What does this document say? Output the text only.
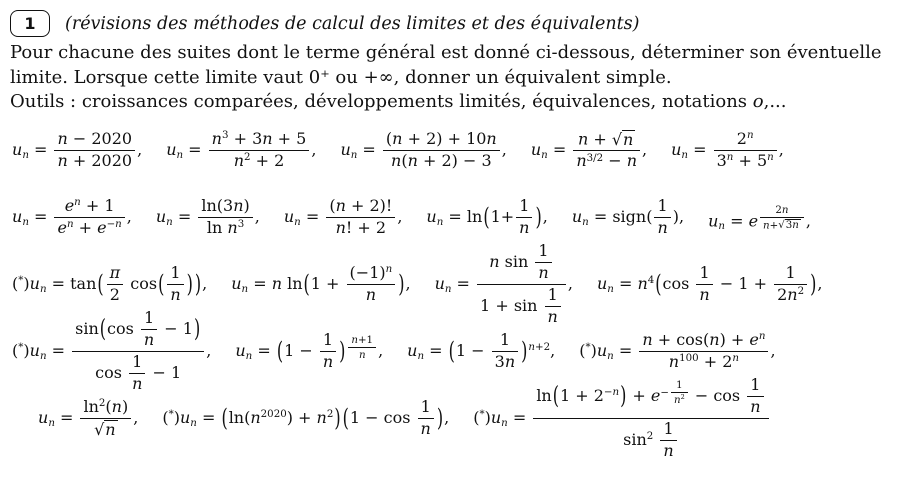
1	(révisions des méthodes de calcul des limites et des équivalents)
Pour chacune des suites dont le terme général est donné ci-dessous, déterminer son éventuelle
limite. Lorsque cette limite vaut 0⁺ ou +∞, donner un équivalent simple.
Outils : croissances comparées, développements limités, équivalences, notations o,...
un = $\frac{n - 2020}{n + 2020}$ , un = $\frac{n3 + 3n + 5}{n2 + 2}$ , un = $\frac{(n + 2) + 10n}{n(n + 2) - 3}$ , un = $\frac{n + √ n}{n3/2 - n}$ , un = $\frac{2n}{3n + 5n}$ ,
un = $\frac{en + 1}{en + e-n}$ , un = $\frac{\ln(3n)}{\text{ln n3}}$ , un = $\frac{(n + 2)!}{n! + 2}$ , un = $\ln(1+ \frac{1}{n}$ ), un = sign( $\frac{1}{n}$ ), un = e $\frac{2n}{n+ √ 3n}$ ,
$(*)un = \tan( \frac{\pi}{2} \cos( \frac{1}{n}$ ) ), un = n $\ln(1 + \frac{(-1)n}{n}$ ), un = $\frac{n \sin \frac{1}{n}}{1 + \sin \frac{1}{n}}$ , un = $n4(\cos \frac{1}{n} - 1 + \frac{1}{2n2}$ ),
$(*)un = \frac{\sin(\cos \frac{1}{n} - 1)}{\cos \frac{1}{n} - 1}$ , un = ($1 - \frac{1}{n}$ ) $\frac{n+1}{n}$ , un = $(1 - \frac{1}{3n} )n+2$, $(*)un = \frac{n + \cos(n) + en}{n100 + 2n}$ ,
un = $\frac{\ln 2(n)}{√ n}$ , (*)un = (ln(n2020) + n2) ($1 - \cos \frac{1}{n}$ ), $(*)un = \frac{\ln(1 + 2-n) + e- \frac{1}{n2} - \cos \frac{1}{n}}{\sin 2 \frac{1}{n}}$
